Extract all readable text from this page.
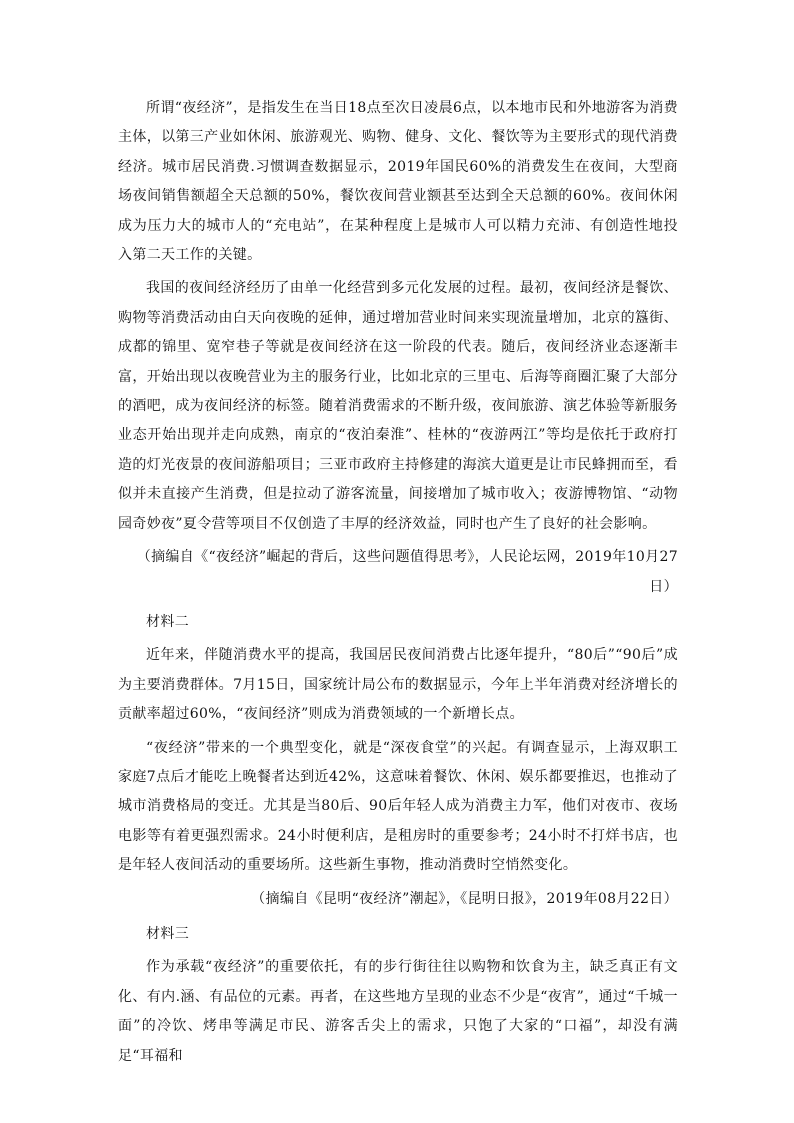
所谓“夜经济”，是指发生在当日18点至次日凌晨6点，以本地市民和外地游客为消费主体，以第三产业如休闲、旅游观光、购物、健身、文化、餐饮等为主要形式的现代消费经济。城市居民消费.习惯调查数据显示，2019年国民60%的消费发生在夜间，大型商场夜间销售额超全天总额的50%，餐饮夜间营业额甚至达到全天总额的60%。夜间休闲成为压力大的城市人的“充电站”，在某种程度上是城市人可以精力充沛、有创造性地投入第二天工作的关键。

我国的夜间经济经历了由单一化经营到多元化发展的过程。最初，夜间经济是餐饮、购物等消费活动由白天向夜晚的延伸，通过增加营业时间来实现流量增加，北京的簋街、成都的锦里、宽窄巷子等就是夜间经济在这一阶段的代表。随后，夜间经济业态逐渐丰富，开始出现以夜晚营业为主的服务行业，比如北京的三里屯、后海等商圈汇聚了大部分的酒吧，成为夜间经济的标签。随着消费需求的不断升级，夜间旅游、演艺体验等新服务业态开始出现并走向成熟，南京的“夜泊秦淮”、桂林的“夜游两江”等均是依托于政府打造的灯光夜景的夜间游船项目；三亚市政府主持修建的海滨大道更是让市民蜂拥而至，看似并未直接产生消费，但是拉动了游客流量，间接增加了城市收入；夜游博物馆、“动物园奇妙夜”夏令营等项目不仅创造了丰厚的经济效益，同时也产生了良好的社会影响。

（摘编自《“夜经济”崛起的背后，这些问题值得思考》，人民论坛网，2019年10月27日）

材料二

近年来，伴随消费水平的提高，我国居民夜间消费占比逐年提升，“80后”“90后”成为主要消费群体。7月15日，国家统计局公布的数据显示，今年上半年消费对经济增长的贡献率超过60%，“夜间经济”则成为消费领域的一个新增长点。

“夜经济”带来的一个典型变化，就是“深夜食堂”的兴起。有调查显示，上海双职工家庭7点后才能吃上晚餐者达到近42%，这意味着餐饮、休闲、娱乐都要推迟，也推动了城市消费格局的变迁。尤其是当80后、90后年轻人成为消费主力军，他们对夜市、夜场电影等有着更强烈需求。24小时便利店，是租房时的重要参考；24小时不打烊书店，也是年轻人夜间活动的重要场所。这些新生事物，推动消费时空悄然变化。

（摘编自《昆明“夜经济”潮起》，《昆明日报》，2019年08月22日）

材料三

作为承载“夜经济”的重要依托，有的步行街往往以购物和饮食为主，缺乏真正有文化、有内.涵、有品位的元素。再者，在这些地方呈现的业态不少是“夜宵”，通过“千城一面”的冷饮、烤串等满足市民、游客舌尖上的需求，只饱了大家的“口福”，却没有满足“耳福和
